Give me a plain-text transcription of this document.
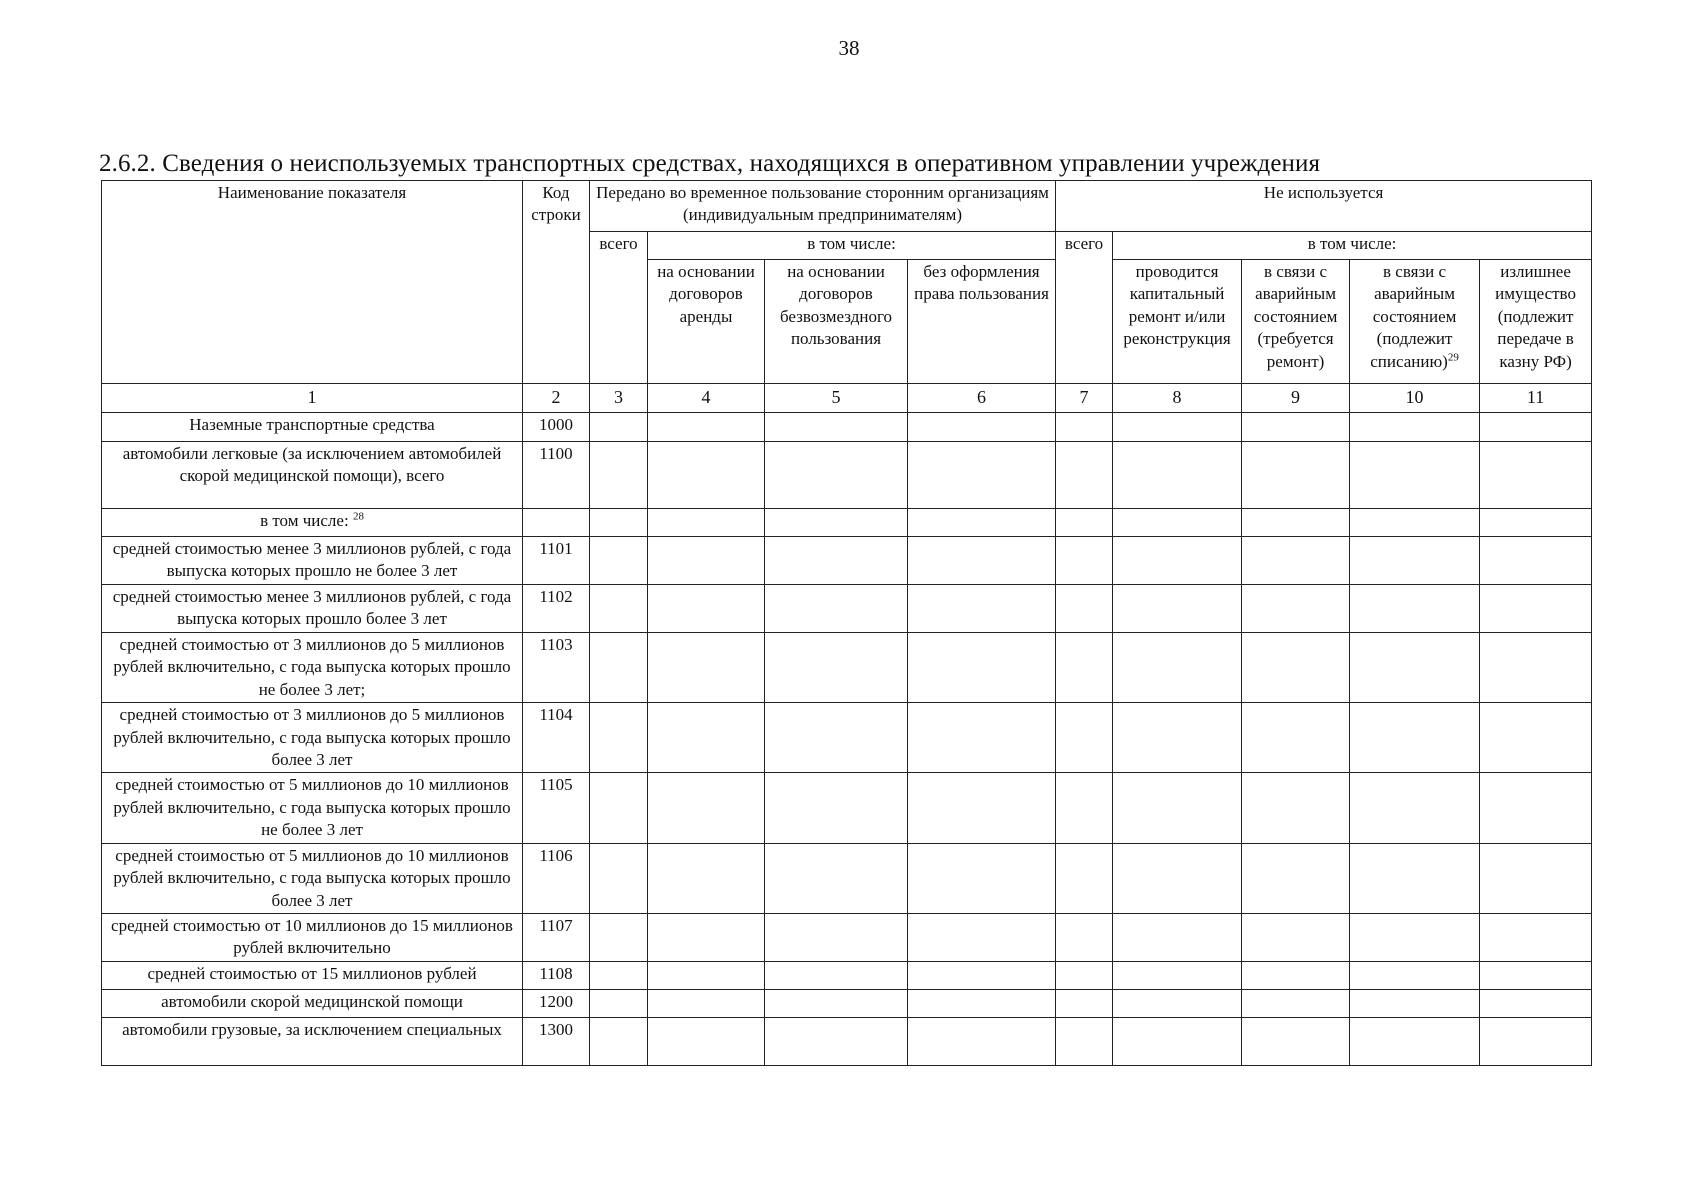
38
2.6.2. Сведения о неиспользуемых транспортных средствах, находящихся в оперативном управлении учреждения
Наименование показателя	Код строки	Передано во временное пользование сторонним организациям (индивидуальным предпринимателям)				Не используется				
		всего	в том числе:			всего	в том числе:			
			на основании договоров аренды	на основании договоров безвозмездного пользования	без оформления права пользования		проводится капитальный ремонт и/или реконструкция	в связи с аварийным состоянием (требуется ремонт)	в связи с аварийным состоянием (подлежит списанию)$^{29}$	излишнее имущество (подлежит передаче в казну РФ)
1	2	3	4	5	6	7	8	9	10	11
Наземные транспортные средства	1000									
автомобили легковые (за исключением автомобилей скорой медицинской помощи), всего	1100									
в том числе: $^{28}$										
средней стоимостью менее 3 миллионов рублей, с года выпуска которых прошло не более 3 лет	1101									
средней стоимостью менее 3 миллионов рублей, с года выпуска которых прошло более 3 лет	1102									
средней стоимостью от 3 миллионов до 5 миллионов рублей включительно, с года выпуска которых прошло не более 3 лет;	1103									
средней стоимостью от 3 миллионов до 5 миллионов рублей включительно, с года выпуска которых прошло более 3 лет	1104									
средней стоимостью от 5 миллионов до 10 миллионов рублей включительно, с года выпуска которых прошло не более 3 лет	1105									
средней стоимостью от 5 миллионов до 10 миллионов рублей включительно, с года выпуска которых прошло более 3 лет	1106									
средней стоимостью от 10 миллионов до 15 миллионов рублей включительно	1107									
средней стоимостью от 15 миллионов рублей	1108									
автомобили скорой медицинской помощи	1200									
автомобили грузовые, за исключением специальных	1300									
